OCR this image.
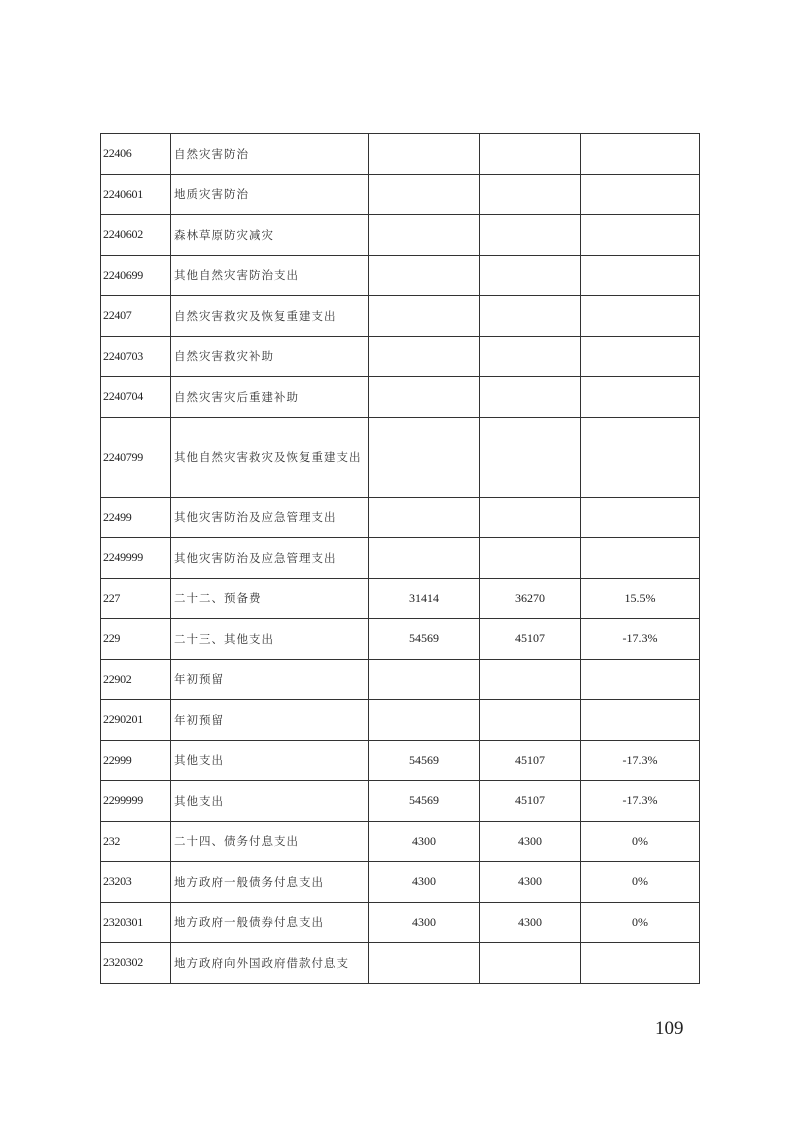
22406	自然灾害防治			
2240601	地质灾害防治			
2240602	森林草原防灾减灾			
2240699	其他自然灾害防治支出			
22407	自然灾害救灾及恢复重建支出			
2240703	自然灾害救灾补助			
2240704	自然灾害灾后重建补助			
2240799	其他自然灾害救灾及恢复重建支出			
22499	其他灾害防治及应急管理支出			
2249999	其他灾害防治及应急管理支出			
227	二十二、预备费	31414	36270	15.5%
229	二十三、其他支出	54569	45107	-17.3%
22902	年初预留			
2290201	年初预留			
22999	其他支出	54569	45107	-17.3%
2299999	其他支出	54569	45107	-17.3%
232	二十四、债务付息支出	4300	4300	0%
23203	地方政府一般债务付息支出	4300	4300	0%
2320301	地方政府一般债券付息支出	4300	4300	0%
2320302	地方政府向外国政府借款付息支			
109
